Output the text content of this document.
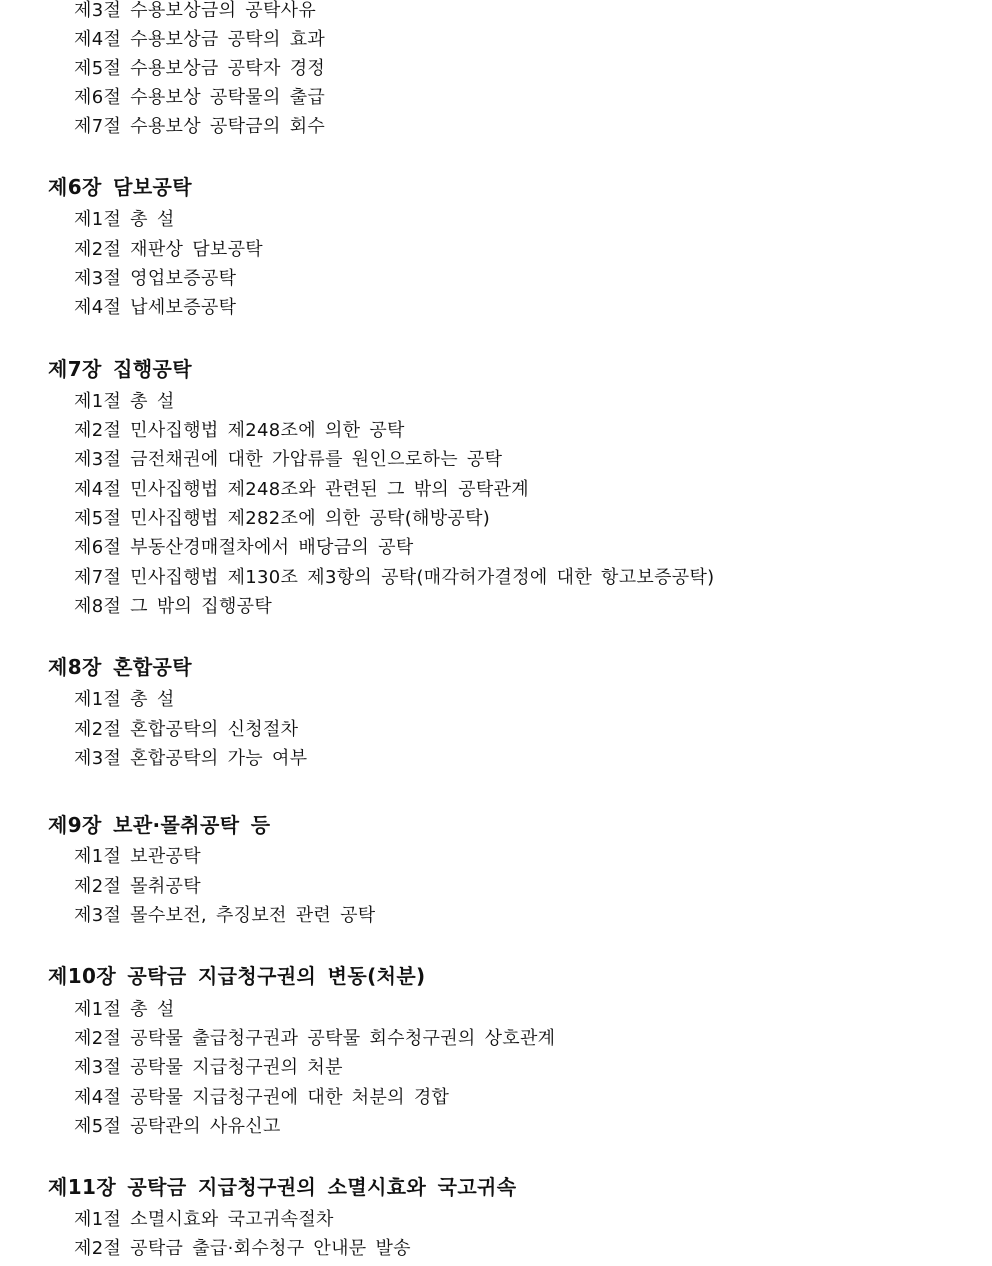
제3절 수용보상금의 공탁사유
제4절 수용보상금 공탁의 효과
제5절 수용보상금 공탁자 경정
제6절 수용보상 공탁물의 출급
제7절 수용보상 공탁금의 회수
제6장 담보공탁
제1절 총 설
제2절 재판상 담보공탁
제3절 영업보증공탁
제4절 납세보증공탁
제7장 집행공탁
제1절 총 설
제2절 민사집행법 제248조에 의한 공탁
제3절 금전채권에 대한 가압류를 원인으로하는 공탁
제4절 민사집행법 제248조와 관련된 그 밖의 공탁관계
제5절 민사집행법 제282조에 의한 공탁(해방공탁)
제6절 부동산경매절차에서 배당금의 공탁
제7절 민사집행법 제130조 제3항의 공탁(매각허가결정에 대한 항고보증공탁)
제8절 그 밖의 집행공탁
제8장 혼합공탁
제1절 총 설
제2절 혼합공탁의 신청절차
제3절 혼합공탁의 가능 여부
제9장 보관·몰취공탁 등
제1절 보관공탁
제2절 몰취공탁
제3절 몰수보전, 추징보전 관련 공탁
제10장 공탁금 지급청구권의 변동(처분)
제1절 총 설
제2절 공탁물 출급청구권과 공탁물 회수청구권의 상호관계
제3절 공탁물 지급청구권의 처분
제4절 공탁물 지급청구권에 대한 처분의 경합
제5절 공탁관의 사유신고
제11장 공탁금 지급청구권의 소멸시효와 국고귀속
제1절 소멸시효와 국고귀속절차
제2절 공탁금 출급·회수청구 안내문 발송
